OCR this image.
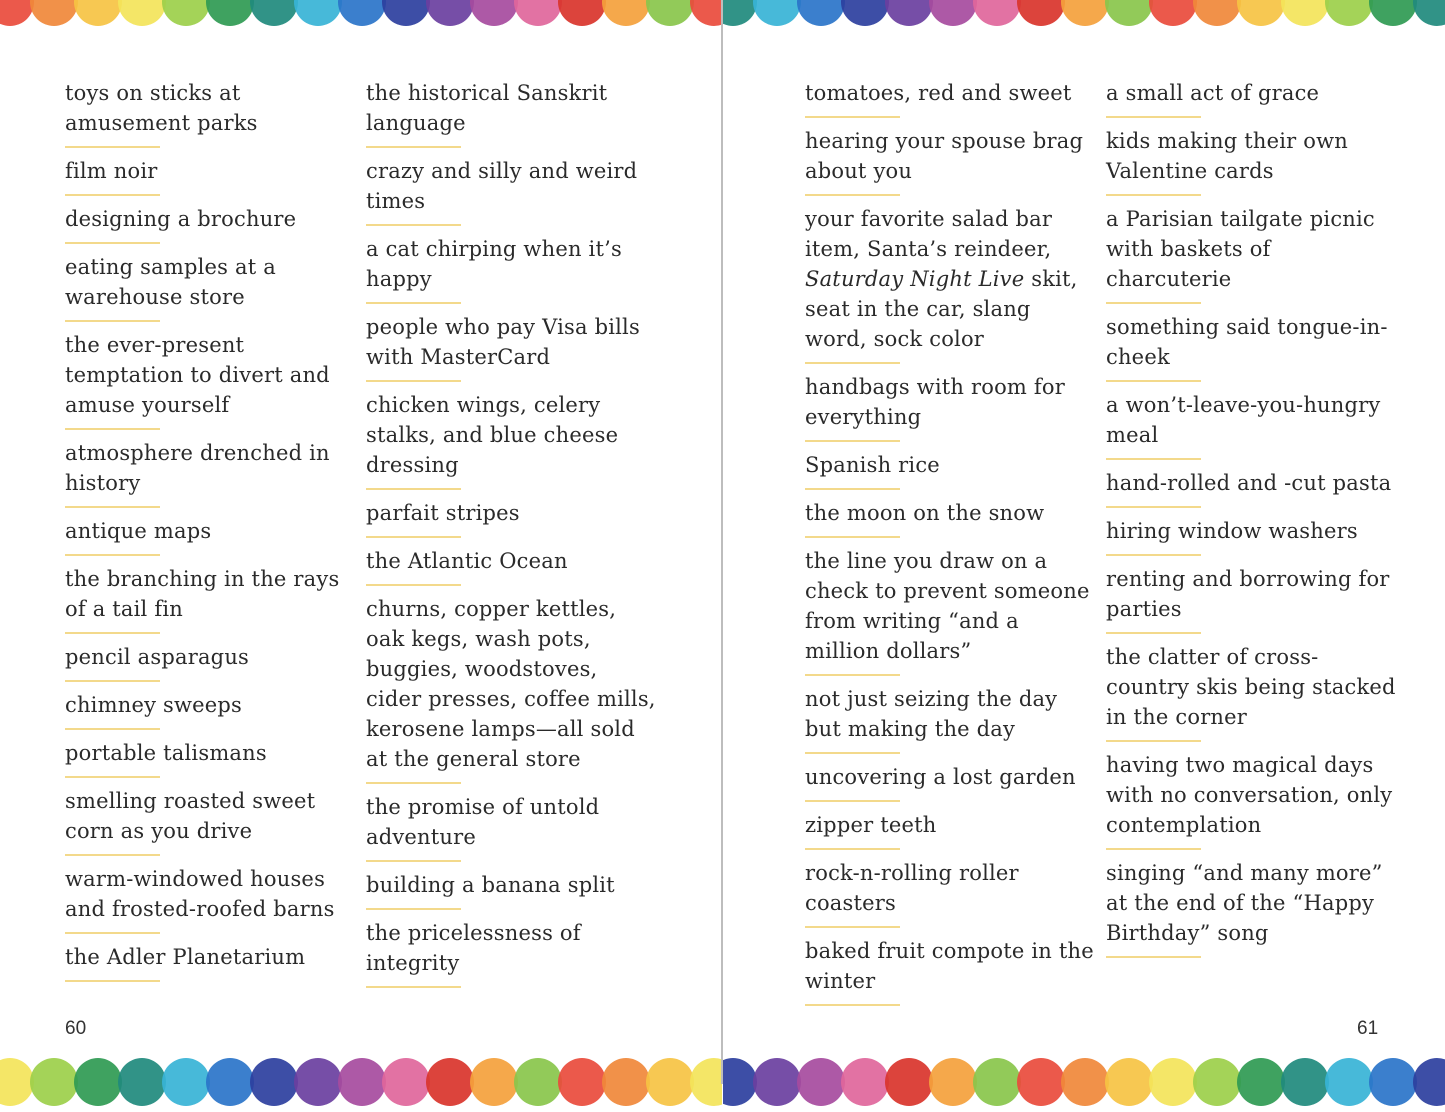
toys on sticks at amusement parks
film noir
designing a brochure
eating samples at a warehouse store
the ever-present temptation to divert and amuse yourself
atmosphere drenched in history
antique maps
the branching in the rays of a tail fin
pencil asparagus
chimney sweeps
portable talismans
smelling roasted sweet corn as you drive
warm-windowed houses and frosted-roofed barns
the Adler Planetarium
the historical Sanskrit language
crazy and silly and weird times
a cat chirping when it’s happy
people who pay Visa bills with MasterCard
chicken wings, celery stalks, and blue cheese dressing
parfait stripes
the Atlantic Ocean
churns, copper kettles, oak kegs, wash pots, buggies, woodstoves, cider presses, coffee mills, kerosene lamps—all sold at the general store
the promise of untold adventure
building a banana split
the pricelessness of integrity
60
tomatoes, red and sweet
hearing your spouse brag about you
your favorite salad bar item, Santa’s reindeer, Saturday Night Live skit, seat in the car, slang word, sock color
handbags with room for everything
Spanish rice
the moon on the snow
the line you draw on a check to prevent someone from writing “and a million dollars”
not just seizing the day but making the day
uncovering a lost garden
zipper teeth
rock-n-rolling roller coasters
baked fruit compote in the winter
a small act of grace
kids making their own Valentine cards
a Parisian tailgate picnic with baskets of charcuterie
something said tongue-in-cheek
a won’t-leave-you-hungry meal
hand-rolled and -cut pasta
hiring window washers
renting and borrowing for parties
the clatter of cross-country skis being stacked in the corner
having two magical days with no conversation, only contemplation
singing “and many more” at the end of the “Happy Birthday” song
61
